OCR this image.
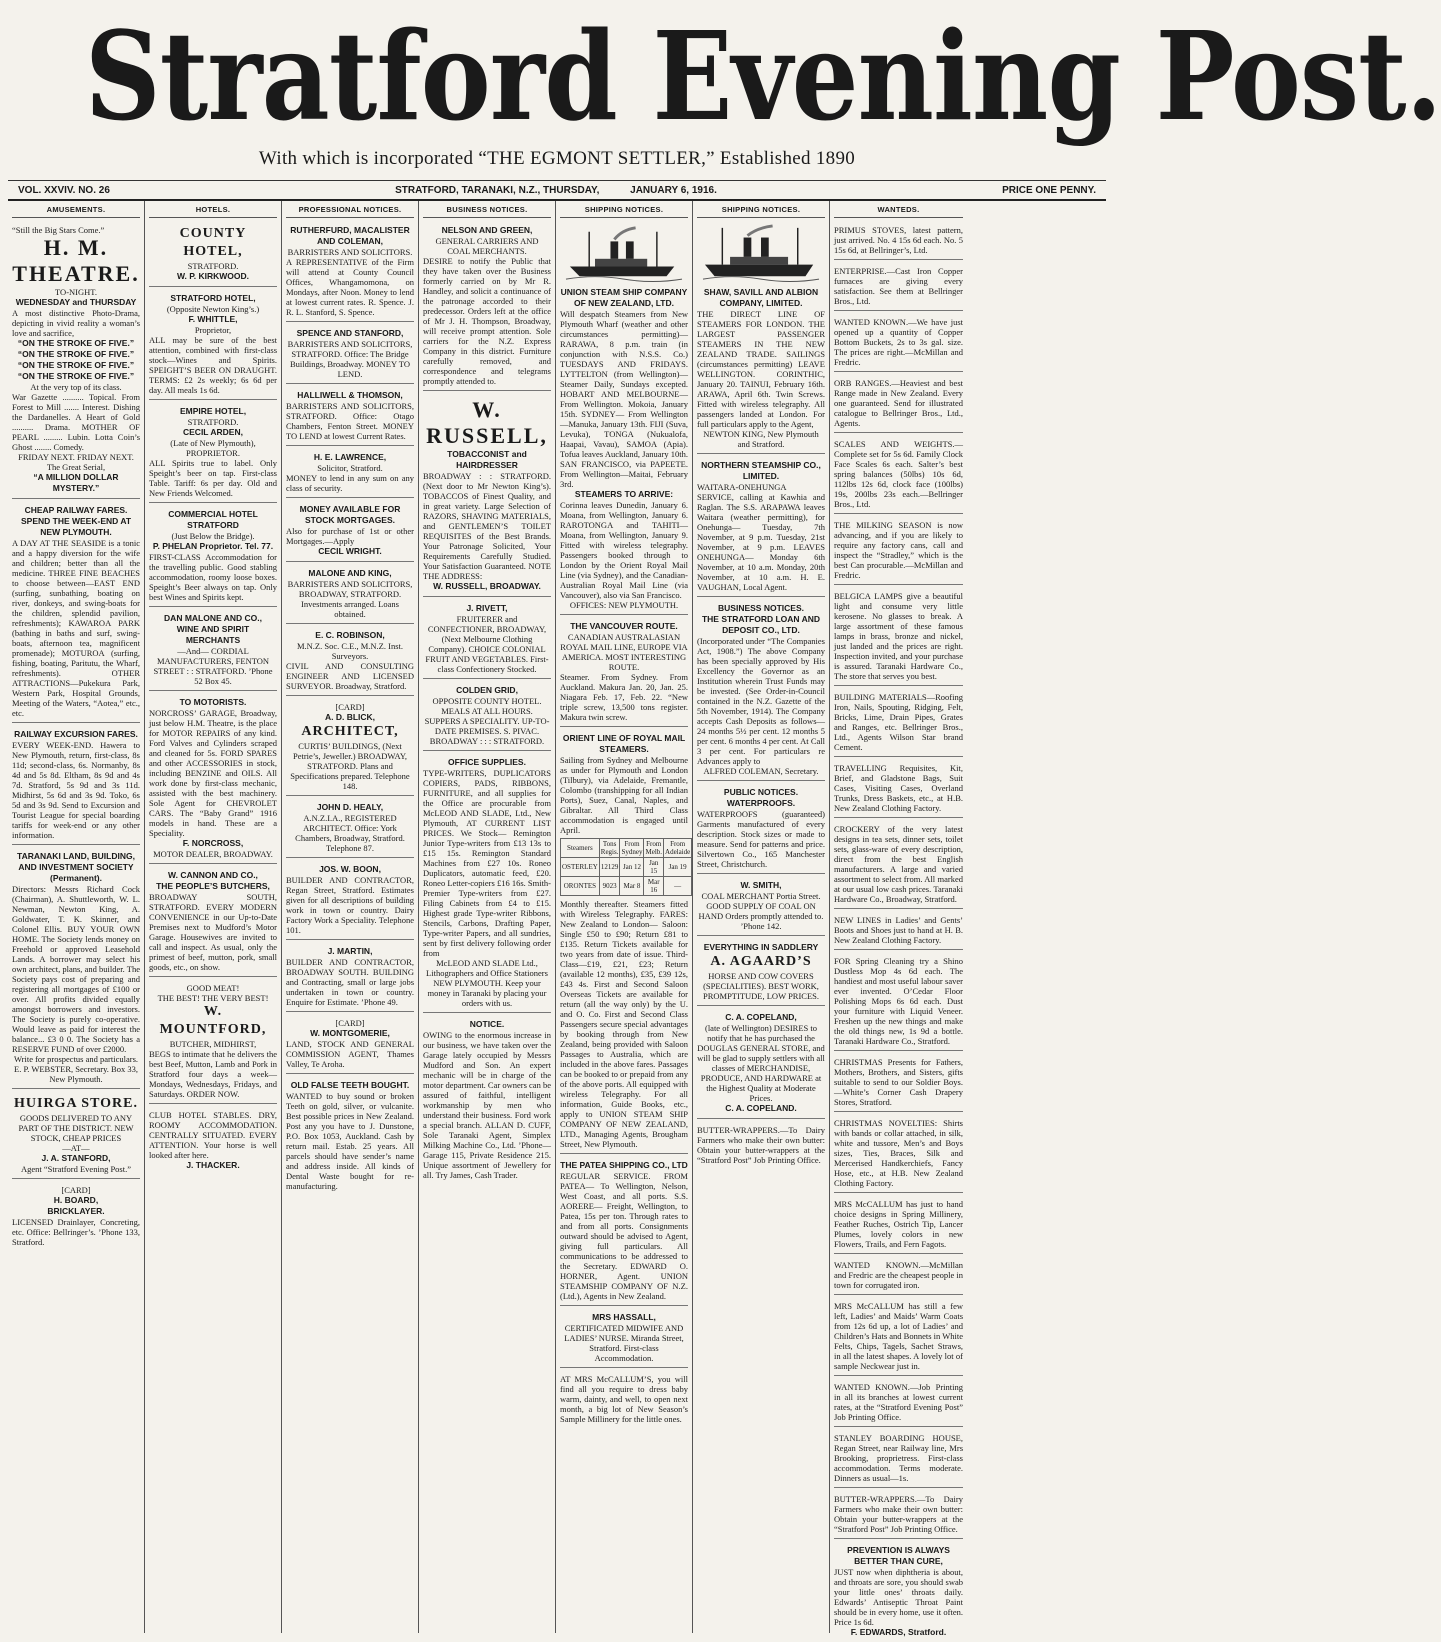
Stratford Evening Post.
With which is incorporated “THE EGMONT SETTLER,” Established 1890
VOL. XXVIV. NO. 26	STRATFORD, TARANAKI, N.Z., THURSDAY,	JANUARY 6, 1916.	PRICE ONE PENNY.
AMUSEMENTS.
“Still the Big Stars Come.”
H. M. THEATRE.
TO-NIGHT.
WEDNESDAY and THURSDAY
A most distinctive Photo-Drama, depicting in vivid reality a woman’s love and sacrifice,
“ON THE STROKE OF FIVE.”
“ON THE STROKE OF FIVE.”
“ON THE STROKE OF FIVE.”
“ON THE STROKE OF FIVE.”
At the very top of its class.
War Gazette .......... Topical. From Forest to Mill ....... Interest. Dishing the Dardanelles. A Heart of Gold .......... Drama. MOTHER OF PEARL ......... Lubin. Lotta Coin’s Ghost ........ Comedy.
FRIDAY NEXT. FRIDAY NEXT. The Great Serial,
“A MILLION DOLLAR MYSTERY.”
CHEAP RAILWAY FARES.
SPEND THE WEEK-END AT NEW PLYMOUTH.
A DAY AT THE SEASIDE is a tonic and a happy diversion for the wife and children; better than all the medicine. THREE FINE BEACHES to choose between—EAST END (surfing, sunbathing, boating on river, donkeys, and swing-boats for the children, splendid pavilion, refreshments); KAWAROA PARK (bathing in baths and surf, swing-boats, afternoon tea, magnificent promenade); MOTUROA (surfing, fishing, boating, Paritutu, the Wharf, refreshments). OTHER ATTRACTIONS—Pukekura Park, Western Park, Hospital Grounds, Meeting of the Waters, “Aotea,” etc., etc.
RAILWAY EXCURSION FARES.
EVERY WEEK-END. Hawera to New Plymouth, return, first-class, 8s 11d; second-class, 6s. Normanby, 8s 4d and 5s 8d. Eltham, 8s 9d and 4s 7d. Stratford, 5s 9d and 3s 11d. Midhirst, 5s 6d and 3s 9d. Toko, 6s 5d and 3s 9d. Send to Excursion and Tourist League for special boarding tariffs for week-end or any other information.
TARANAKI LAND, BUILDING, AND INVESTMENT SOCIETY (Permanent).
Directors: Messrs Richard Cock (Chairman), A. Shuttleworth, W. L. Newman, Newton King, A. Goldwater, T. K. Skinner, and Colonel Ellis. BUY YOUR OWN HOME. The Society lends money on Freehold or approved Leasehold Lands. A borrower may select his own architect, plans, and builder. The Society pays cost of preparing and registering all mortgages of £100 or over. All profits divided equally amongst borrowers and investors. The Society is purely co-operative. Would leave as paid for interest the balance... £3 0 0. The Society has a RESERVE FUND of over £2000.
Write for prospectus and particulars. E. P. WEBSTER, Secretary. Box 33, New Plymouth.
HUIRGA STORE.
GOODS DELIVERED TO ANY PART OF THE DISTRICT. NEW STOCK, CHEAP PRICES
—AT—
J. A. STANFORD,
Agent “Stratford Evening Post.”
[CARD]
H. BOARD,
BRICKLAYER.
LICENSED Drainlayer, Concreting, etc. Office: Bellringer’s. ’Phone 133, Stratford.
HOTELS.
COUNTY HOTEL,
STRATFORD.
W. P. KIRKWOOD.
STRATFORD HOTEL,
(Opposite Newton King’s.)
F. WHITTLE,
Proprietor,
ALL may be sure of the best attention, combined with first-class stock—Wines and Spirits. SPEIGHT’S BEER ON DRAUGHT. TERMS: £2 2s weekly; 6s 6d per day. All meals 1s 6d.
EMPIRE HOTEL,
STRATFORD.
CECIL ARDEN,
(Late of New Plymouth), PROPRIETOR.
ALL Spirits true to label. Only Speight’s beer on tap. First-class Table. Tariff: 6s per day. Old and New Friends Welcomed.
COMMERCIAL HOTEL STRATFORD
(Just Below the Bridge).
P. PHELAN Proprietor. Tel. 77.
FIRST-CLASS Accommodation for the travelling public. Good stabling accommodation, roomy loose boxes. Speight’s Beer always on tap. Only best Wines and Spirits kept.
DAN MALONE AND CO.,
WINE AND SPIRIT MERCHANTS
—And— CORDIAL MANUFACTURERS, FENTON STREET : : STRATFORD. ’Phone 52 Box 45.
TO MOTORISTS.
NORCROSS’ GARAGE, Broadway, just below H.M. Theatre, is the place for MOTOR REPAIRS of any kind. Ford Valves and Cylinders scraped and cleaned for 5s. FORD SPARES and other ACCESSORIES in stock, including BENZINE and OILS. All work done by first-class mechanic, assisted with the best machinery. Sole Agent for CHEVROLET CARS. The “Baby Grand” 1916 models in hand. These are a Speciality.
F. NORCROSS,
MOTOR DEALER, BROADWAY.
W. CANNON AND CO.,
THE PEOPLE’S BUTCHERS,
BROADWAY SOUTH, STRATFORD. EVERY MODERN CONVENIENCE in our Up-to-Date Premises next to Mudford’s Motor Garage. Housewives are invited to call and inspect. As usual, only the primest of beef, mutton, pork, small goods, etc., on show.
GOOD MEAT!
THE BEST! THE VERY BEST!
W. MOUNTFORD,
BUTCHER, MIDHIRST,
BEGS to intimate that he delivers the best Beef, Mutton, Lamb and Pork in Stratford four days a week—Mondays, Wednesdays, Fridays, and Saturdays. ORDER NOW.
CLUB HOTEL STABLES. DRY, ROOMY ACCOMMODATION. CENTRALLY SITUATED. EVERY ATTENTION. Your horse is well looked after here.
J. THACKER.
PROFESSIONAL NOTICES.
RUTHERFURD, MACALISTER AND COLEMAN,
BARRISTERS AND SOLICITORS.
A REPRESENTATIVE of the Firm will attend at County Council Offices, Whangamomona, on Mondays, after Noon. Money to lend at lowest current rates. R. Spence. J. R. L. Stanford, S. Spence.
SPENCE AND STANFORD,
BARRISTERS AND SOLICITORS, STRATFORD. Office: The Bridge Buildings, Broadway. MONEY TO LEND.
HALLIWELL & THOMSON,
BARRISTERS AND SOLICITORS, STRATFORD. Office: Otago Chambers, Fenton Street. MONEY TO LEND at lowest Current Rates.
H. E. LAWRENCE,
Solicitor, Stratford.
MONEY to lend in any sum on any class of security.
MONEY AVAILABLE FOR STOCK MORTGAGES.
Also for purchase of 1st or other Mortgages.—Apply
CECIL WRIGHT.
MALONE AND KING,
BARRISTERS AND SOLICITORS, BROADWAY, STRATFORD. Investments arranged. Loans obtained.
E. C. ROBINSON,
M.N.Z. Soc. C.E., M.N.Z. Inst. Surveyors.
CIVIL AND CONSULTING ENGINEER AND LICENSED SURVEYOR. Broadway, Stratford.
[CARD]
A. D. BLICK,
ARCHITECT,
CURTIS’ BUILDINGS, (Next Petrie’s, Jeweller.) BROADWAY, STRATFORD. Plans and Specifications prepared. Telephone 148.
JOHN D. HEALY,
A.N.Z.I.A., REGISTERED ARCHITECT. Office: York Chambers, Broadway, Stratford. Telephone 87.
JOS. W. BOON,
BUILDER AND CONTRACTOR, Regan Street, Stratford. Estimates given for all descriptions of building work in town or country. Dairy Factory Work a Speciality. Telephone 101.
J. MARTIN,
BUILDER AND CONTRACTOR, BROADWAY SOUTH. BUILDING and Contracting, small or large jobs undertaken in town or country. Enquire for Estimate. ’Phone 49.
[CARD]
W. MONTGOMERIE,
LAND, STOCK AND GENERAL COMMISSION AGENT, Thames Valley, Te Aroha.
OLD FALSE TEETH BOUGHT.
WANTED to buy sound or broken Teeth on gold, silver, or vulcanite. Best possible prices in New Zealand. Post any you have to J. Dunstone, P.O. Box 1053, Auckland. Cash by return mail. Estab. 25 years. All parcels should have sender’s name and address inside. All kinds of Dental Waste bought for re-manufacturing.
BUSINESS NOTICES.
NELSON AND GREEN,
GENERAL CARRIERS AND COAL MERCHANTS.
DESIRE to notify the Public that they have taken over the Business formerly carried on by Mr R. Handley, and solicit a continuance of the patronage accorded to their predecessor. Orders left at the office of Mr J. H. Thompson, Broadway, will receive prompt attention. Sole carriers for the N.Z. Express Company in this district. Furniture carefully removed, and correspondence and telegrams promptly attended to.
W. RUSSELL,
TOBACCONIST and HAIRDRESSER
BROADWAY : : STRATFORD. (Next door to Mr Newton King’s). TOBACCOS of Finest Quality, and in great variety. Large Selection of RAZORS, SHAVING MATERIALS, and GENTLEMEN’S TOILET REQUISITES of the Best Brands. Your Patronage Solicited, Your Requirements Carefully Studied. Your Satisfaction Guaranteed. NOTE THE ADDRESS:
W. RUSSELL, BROADWAY.
J. RIVETT,
FRUITERER and CONFECTIONER, BROADWAY, (Next Melbourne Clothing Company). CHOICE COLONIAL FRUIT AND VEGETABLES. First-class Confectionery Stocked.
COLDEN GRID,
OPPOSITE COUNTY HOTEL. MEALS AT ALL HOURS. SUPPERS A SPECIALITY. UP-TO-DATE PREMISES. S. PIVAC. BROADWAY : : : STRATFORD.
OFFICE SUPPLIES.
TYPE-WRITERS, DUPLICATORS COPIERS, PADS, RIBBONS, FURNITURE, and all supplies for the Office are procurable from McLEOD AND SLADE, Ltd., New Plymouth, AT CURRENT LIST PRICES. We Stock— Remington Junior Type-writers from £13 13s to £15 15s. Remington Standard Machines from £27 10s. Roneo Duplicators, automatic feed, £20. Roneo Letter-copiers £16 16s. Smith-Premier Type-writers from £27. Filing Cabinets from £4 to £15. Highest grade Type-writer Ribbons, Stencils, Carbons, Drafting Paper, Type-writer Papers, and all sundries, sent by first delivery following order from
McLEOD AND SLADE Ltd., Lithographers and Office Stationers NEW PLYMOUTH. Keep your money in Taranaki by placing your orders with us.
NOTICE.
OWING to the enormous increase in our business, we have taken over the Garage lately occupied by Messrs Mudford and Son. An expert mechanic will be in charge of the motor department. Car owners can be assured of faithful, intelligent workmanship by men who understand their business. Ford work a special branch. ALLAN D. CUFF, Sole Taranaki Agent, Simplex Milking Machine Co., Ltd. ’Phone—Garage 115, Private Residence 215. Unique assortment of Jewellery for all. Try James, Cash Trader.
SHIPPING NOTICES.
UNION STEAM SHIP COMPANY OF NEW ZEALAND, LTD.
Will despatch Steamers from New Plymouth Wharf (weather and other circumstances permitting)— RARAWA, 8 p.m. train (in conjunction with N.S.S. Co.) TUESDAYS AND FRIDAYS. LYTTELTON (from Wellington)— Steamer Daily, Sundays excepted. HOBART AND MELBOURNE—From Wellington. Mokoia, January 15th. SYDNEY— From Wellington—Manuka, January 13th. FIJI (Suva, Levuka), TONGA (Nukualofa, Haapai, Vavau), SAMOA (Apia). Tofua leaves Auckland, January 10th. SAN FRANCISCO, via PAPEETE. From Wellington—Maitai, February 3rd.
STEAMERS TO ARRIVE:
Corinna leaves Dunedin, January 6. Moana, from Wellington, January 6. RAROTONGA and TAHITI— Moana, from Wellington, January 9. Fitted with wireless telegraphy. Passengers booked through to London by the Orient Royal Mail Line (via Sydney), and the Canadian-Australian Royal Mail Line (via Vancouver), also via San Francisco.
OFFICES: NEW PLYMOUTH.
THE VANCOUVER ROUTE.
CANADIAN AUSTRALASIAN ROYAL MAIL LINE, EUROPE VIA AMERICA. MOST INTERESTING ROUTE.
Steamer. From Sydney. From Auckland. Makura Jan. 20, Jan. 25. Niagara Feb. 17, Feb. 22. “New triple screw, 13,500 tons register. Makura twin screw.
ORIENT LINE OF ROYAL MAIL STEAMERS.
Sailing from Sydney and Melbourne as under for Plymouth and London (Tilbury), via Adelaide, Fremantle, Colombo (transhipping for all Indian Ports), Suez, Canal, Naples, and Gibraltar. All Third Class accommodation is engaged until April.
Steamers	Tons Regis.	From Sydney	From Melb.	From Adelaide
OSTERLEY	12129	Jan 12	Jan 15	Jan 19
ORONTES	9023	Mar 8	Mar 16	—
Monthly thereafter. Steamers fitted with Wireless Telegraphy. FARES: New Zealand to London— Saloon: Single £50 to £90; Return £81 to £135. Return Tickets available for two years from date of issue. Third-Class—£19, £21, £23; Return (available 12 months), £35, £39 12s, £43 4s. First and Second Saloon Overseas Tickets are available for return (all the way only) by the U. and O. Co. First and Second Class Passengers secure special advantages by booking through from New Zealand, being provided with Saloon Passages to Australia, which are included in the above fares. Passages can be booked to or prepaid from any of the above ports. All equipped with wireless Telegraphy. For all information, Guide Books, etc., apply to UNION STEAM SHIP COMPANY OF NEW ZEALAND, LTD., Managing Agents, Brougham Street, New Plymouth.
THE PATEA SHIPPING CO., LTD
REGULAR SERVICE. FROM PATEA— To Wellington, Nelson, West Coast, and all ports. S.S. AORERE— Freight, Wellington, to Patea, 15s per ton. Through rates to and from all ports. Consignments outward should be advised to Agent, giving full particulars. All communications to be addressed to the Secretary. EDWARD O. HORNER, Agent. UNION STEAMSHIP COMPANY OF N.Z. (Ltd.), Agents in New Zealand.
MRS HASSALL,
CERTIFICATED MIDWIFE AND LADIES’ NURSE. Miranda Street, Stratford. First-class Accommodation.
AT MRS McCALLUM’S, you will find all you require to dress baby warm, dainty, and well, to open next month, a big lot of New Season’s Sample Millinery for the little ones.
SHIPPING NOTICES.
SHAW, SAVILL AND ALBION COMPANY, LIMITED.
THE DIRECT LINE OF STEAMERS FOR LONDON. THE LARGEST PASSENGER STEAMERS IN THE NEW ZEALAND TRADE. SAILINGS (circumstances permitting) LEAVE WELLINGTON. CORINTHIC, January 20. TAINUI, February 16th. ARAWA, April 6th. Twin Screws. Fitted with wireless telegraphy. All passengers landed at London. For full particulars apply to the Agent,
NEWTON KING, New Plymouth and Stratford.
NORTHERN STEAMSHIP CO., LIMITED.
WAITARA-ONEHUNGA SERVICE, calling at Kawhia and Raglan. The S.S. ARAPAWA leaves Waitara (weather permitting), for Onehunga— Tuesday, 7th November, at 9 p.m. Tuesday, 21st November, at 9 p.m. LEAVES ONEHUNGA— Monday 6th November, at 10 a.m. Monday, 20th November, at 10 a.m. H. E. VAUGHAN, Local Agent.
BUSINESS NOTICES.
THE STRATFORD LOAN AND DEPOSIT CO., LTD.
(Incorporated under “The Companies Act, 1908.”) The above Company has been specially approved by His Excellency the Governor as an Institution wherein Trust Funds may be invested. (See Order-in-Council contained in the N.Z. Gazette of the 5th November, 1914). The Company accepts Cash Deposits as follows— 24 months 5½ per cent. 12 months 5 per cent. 6 months 4 per cent. At Call 3 per cent. For particulars re Advances apply to
ALFRED COLEMAN, Secretary.
PUBLIC NOTICES.
WATERPROOFS.
WATERPROOFS (guaranteed) Garments manufactured of every description. Stock sizes or made to measure. Send for patterns and price. Silvertown Co., 165 Manchester Street, Christchurch.
W. SMITH,
COAL MERCHANT Portia Street. GOOD SUPPLY OF COAL ON HAND Orders promptly attended to. ’Phone 142.
EVERYTHING IN SADDLERY
A. AGAARD’S
HORSE AND COW COVERS (SPECIALITIES). BEST WORK, PROMPTITUDE, LOW PRICES.
C. A. COPELAND,
(late of Wellington) DESIRES to notify that he has purchased the DOUGLAS GENERAL STORE, and will be glad to supply settlers with all classes of MERCHANDISE, PRODUCE, AND HARDWARE at the Highest Quality at Moderate Prices.
C. A. COPELAND.
BUTTER-WRAPPERS.—To Dairy Farmers who make their own butter: Obtain your butter-wrappers at the “Stratford Post” Job Printing Office.
WANTEDS.
PRIMUS STOVES, latest pattern, just arrived. No. 4 15s 6d each. No. 5 15s 6d, at Bellringer’s, Ltd.
ENTERPRISE.—Cast Iron Copper furnaces are giving every satisfaction. See them at Bellringer Bros., Ltd.
WANTED KNOWN.—We have just opened up a quantity of Copper Bottom Buckets, 2s to 3s gal. size. The prices are right.—McMillan and Fredric.
ORB RANGES.—Heaviest and best Range made in New Zealand. Every one guaranteed. Send for illustrated catalogue to Bellringer Bros., Ltd., Agents.
SCALES AND WEIGHTS.—Complete set for 5s 6d. Family Clock Face Scales 6s each. Salter’s best spring balances (50lbs) 10s 6d, 112lbs 12s 6d, clock face (100lbs) 19s, 200lbs 23s each.—Bellringer Bros., Ltd.
THE MILKING SEASON is now advancing, and if you are likely to require any factory cans, call and inspect the “Stradley,” which is the best Can procurable.—McMillan and Fredric.
BELGICA LAMPS give a beautiful light and consume very little kerosene. No glasses to break. A large assortment of these famous lamps in brass, bronze and nickel, just landed and the prices are right. Inspection invited, and your purchase is assured. Taranaki Hardware Co., The store that serves you best.
BUILDING MATERIALS—Roofing Iron, Nails, Spouting, Ridging, Felt, Bricks, Lime, Drain Pipes, Grates and Ranges, etc. Bellringer Bros., Ltd., Agents Wilson Star brand Cement.
TRAVELLING Requisites, Kit, Brief, and Gladstone Bags, Suit Cases, Visiting Cases, Overland Trunks, Dress Baskets, etc., at H.B. New Zealand Clothing Factory.
CROCKERY of the very latest designs in tea sets, dinner sets, toilet sets, glass-ware of every description, direct from the best English manufacturers. A large and varied assortment to select from. All marked at our usual low cash prices. Taranaki Hardware Co., Broadway, Stratford.
NEW LINES in Ladies’ and Gents’ Boots and Shoes just to hand at H. B. New Zealand Clothing Factory.
FOR Spring Cleaning try a Shino Dustless Mop 4s 6d each. The handiest and most useful labour saver ever invented. O’Cedar Floor Polishing Mops 6s 6d each. Dust your furniture with Liquid Veneer. Freshen up the new things and make the old things new, 1s 9d a bottle. Taranaki Hardware Co., Stratford.
CHRISTMAS Presents for Fathers, Mothers, Brothers, and Sisters, gifts suitable to send to our Soldier Boys.—White’s Corner Cash Drapery Stores, Stratford.
CHRISTMAS NOVELTIES: Shirts with bands or collar attached, in silk, white and tussore, Men’s and Boys sizes, Ties, Braces, Silk and Mercerised Handkerchiefs, Fancy Hose, etc., at H.B. New Zealand Clothing Factory.
MRS McCALLUM has just to hand choice designs in Spring Millinery, Feather Ruches, Ostrich Tip, Lancer Plumes, lovely colors in new Flowers, Trails, and Fern Fagots.
WANTED KNOWN.—McMillan and Fredric are the cheapest people in town for corrugated iron.
MRS McCALLUM has still a few left, Ladies’ and Maids’ Warm Coats from 12s 6d up, a lot of Ladies’ and Children’s Hats and Bonnets in White Felts, Chips, Tagels, Sachet Straws, in all the latest shapes. A lovely lot of sample Neckwear just in.
WANTED KNOWN.—Job Printing in all its branches at lowest current rates, at the “Stratford Evening Post” Job Printing Office.
STANLEY BOARDING HOUSE, Regan Street, near Railway line, Mrs Brooking, proprietress. First-class accommodation. Terms moderate. Dinners as usual—1s.
BUTTER-WRAPPERS.—To Dairy Farmers who make their own butter: Obtain your butter-wrappers at the “Stratford Post” Job Printing Office.
PREVENTION IS ALWAYS BETTER THAN CURE,
JUST now when diphtheria is about, and throats are sore, you should swab your little ones’ throats daily. Edwards’ Antiseptic Throat Paint should be in every home, use it often. Price 1s 6d.
F. EDWARDS, Stratford.
